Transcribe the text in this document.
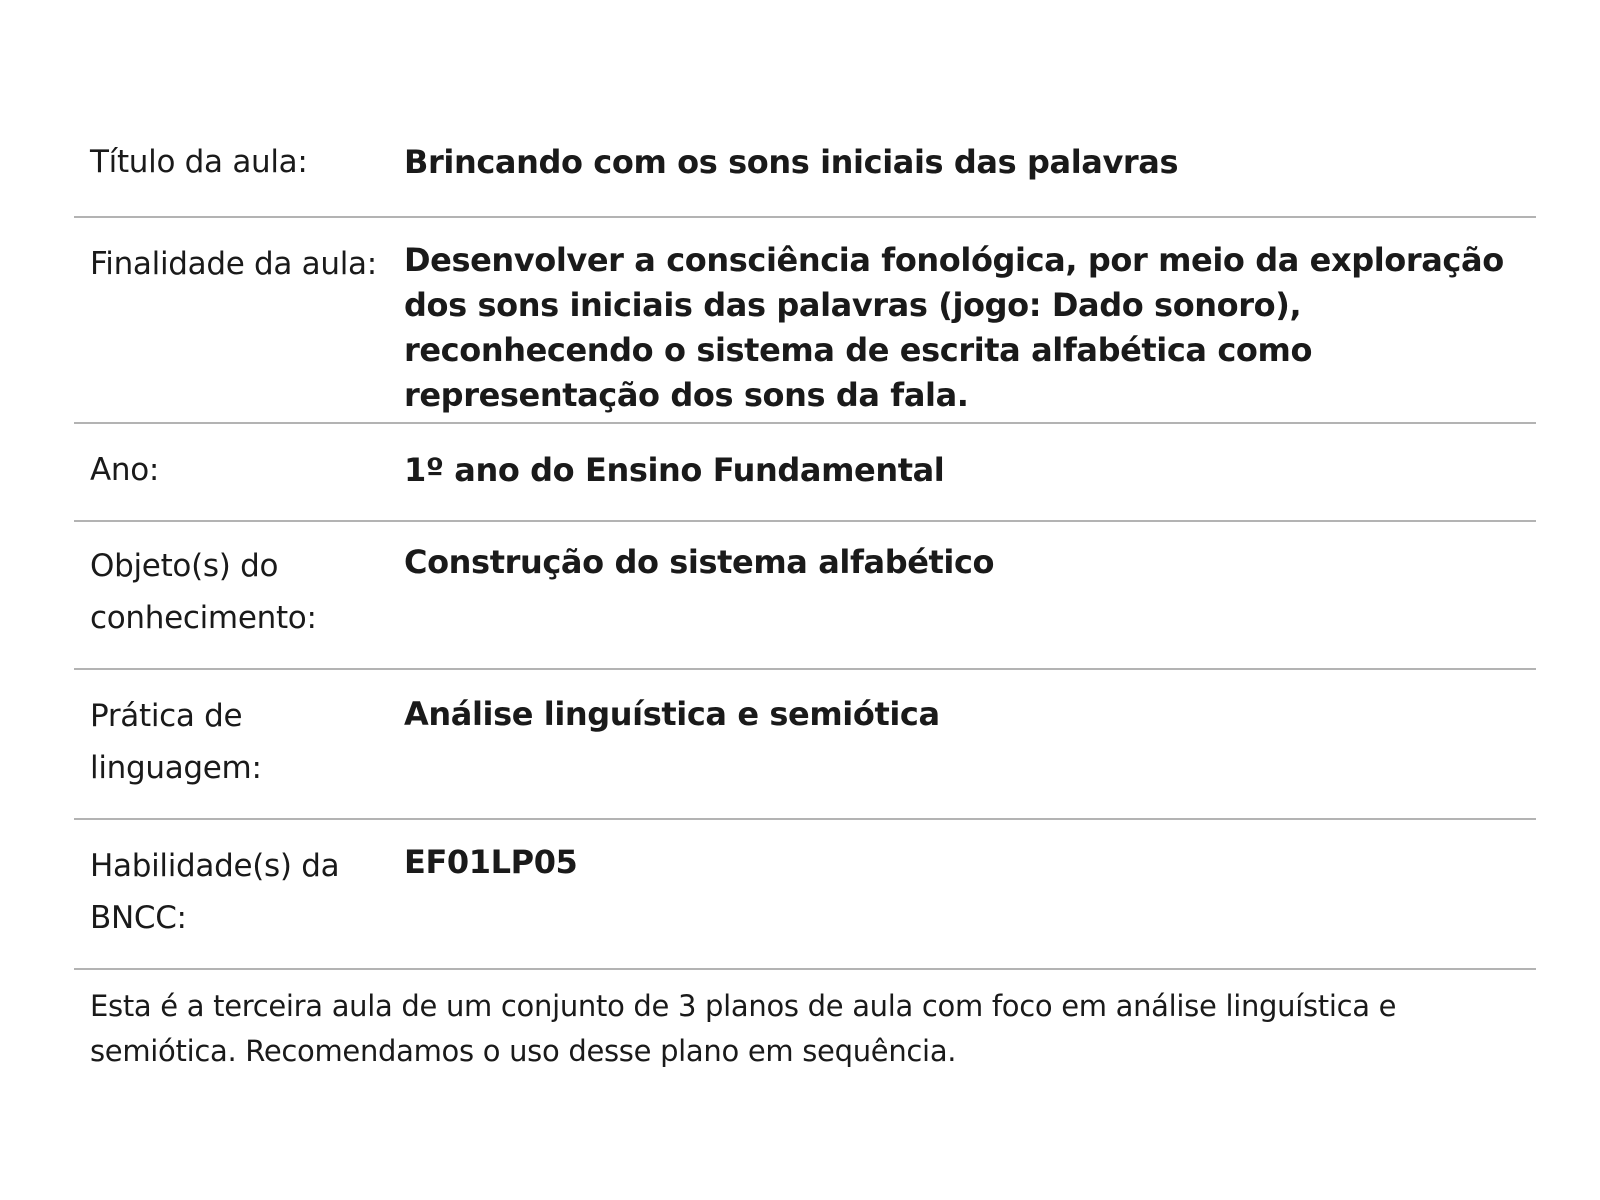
Título da aula:	Brincando com os sons iniciais das palavras
Finalidade da aula: Desenvolver a consciência fonológica, por meio da exploração dos sons iniciais das palavras (jogo: Dado sonoro), reconhecendo o sistema de escrita alfabética como representação dos sons da fala.
Ano:	1º ano do Ensino Fundamental
Objeto(s) do conhecimento:
Construção do sistema alfabético
Prática de linguagem:
Análise linguística e semiótica
Habilidade(s) da BNCC:
EF01LP05
Esta é a terceira aula de um conjunto de 3 planos de aula com foco em análise linguística e semiótica. Recomendamos o uso desse plano em sequência.
